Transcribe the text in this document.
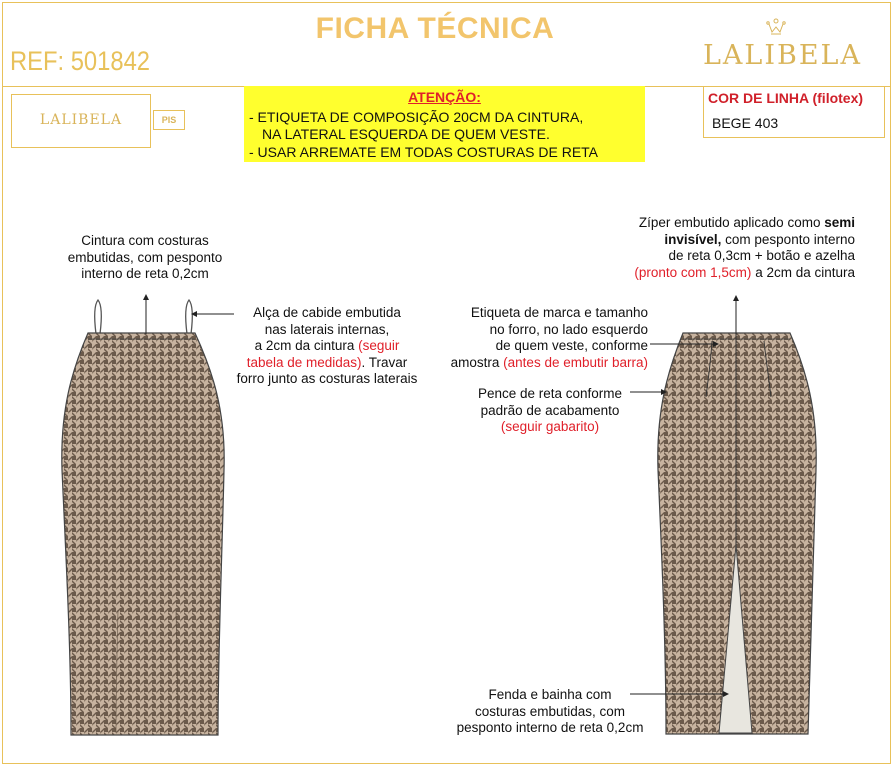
FICHA TÉCNICA
REF: 501842	LALIBELA
LALIBELA	PIS
ATENÇÃO:
- ETIQUETA DE COMPOSIÇÃO 20CM DA CINTURA,
NA LATERAL ESQUERDA DE QUEM VESTE.
- USAR ARREMATE EM TODAS COSTURAS DE RETA
COR DE LINHA (filotex)
BEGE 403
Cintura com costuras
embutidas, com pesponto
interno de reta 0,2cm
Alça de cabide embutida
nas laterais internas,
a 2cm da cintura (seguir
tabela de medidas). Travar
forro junto as costuras laterais
Zíper embutido aplicado como semi
invisível, com pesponto interno
de reta 0,3cm + botão e azelha
(pronto com 1,5cm) a 2cm da cintura
Etiqueta de marca e tamanho
no forro, no lado esquerdo
de quem veste, conforme
amostra (antes de embutir barra)
Pence de reta conforme
padrão de acabamento
(seguir gabarito)
Fenda e bainha com
costuras embutidas, com
pesponto interno de reta 0,2cm
